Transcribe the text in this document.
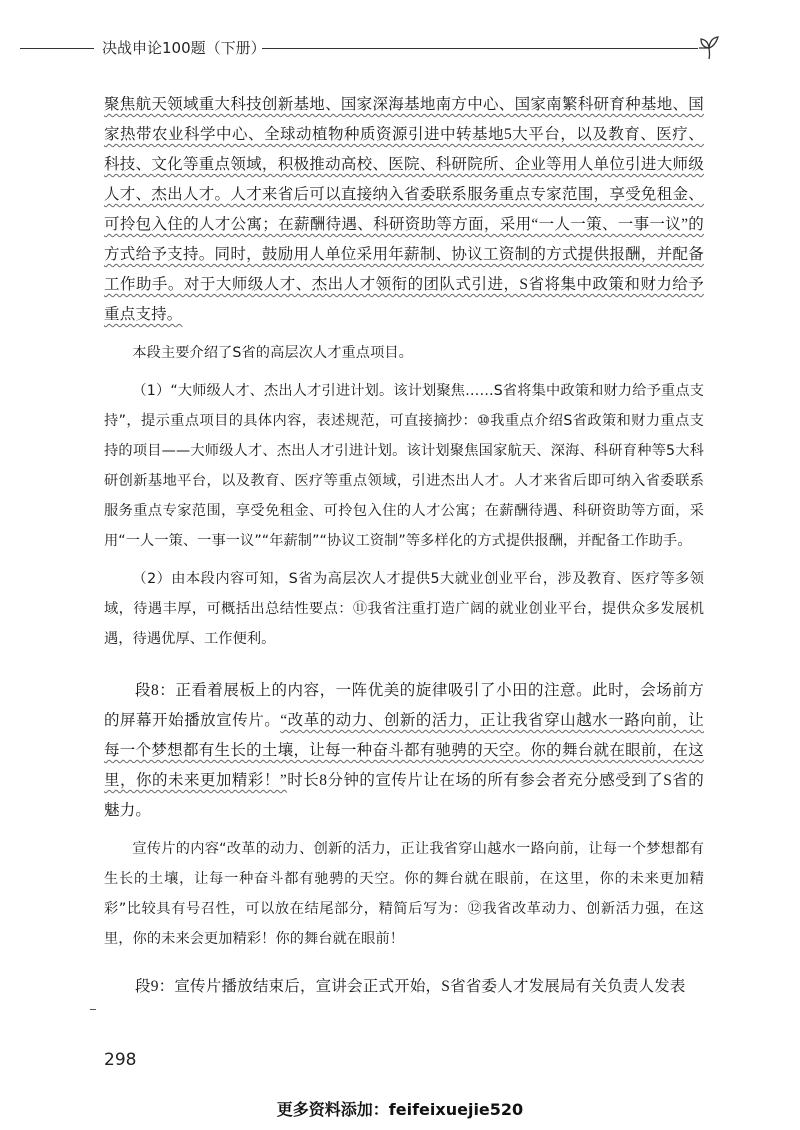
决战申论100题（下册）

聚焦航天领域重大科技创新基地、国家深海基地南方中心、国家南繁科研育种基地、国家热带农业科学中心、全球动植物种质资源引进中转基地5大平台，以及教育、医疗、科技、文化等重点领域，积极推动高校、医院、科研院所、企业等用人单位引进大师级人才、杰出人才。人才来省后可以直接纳入省委联系服务重点专家范围，享受免租金、可拎包入住的人才公寓；在薪酬待遇、科研资助等方面，采用“一人一策、一事一议”的方式给予支持。同时，鼓励用人单位采用年薪制、协议工资制的方式提供报酬，并配备工作助手。对于大师级人才、杰出人才领衔的团队式引进，S省将集中政策和财力给予重点支持。

本段主要介绍了S省的高层次人才重点项目。

（1）“大师级人才、杰出人才引进计划。该计划聚焦……S省将集中政策和财力给予重点支持”，提示重点项目的具体内容，表述规范，可直接摘抄：⑩我重点介绍S省政策和财力重点支持的项目——大师级人才、杰出人才引进计划。该计划聚焦国家航天、深海、科研育种等5大科研创新基地平台，以及教育、医疗等重点领域，引进杰出人才。人才来省后即可纳入省委联系服务重点专家范围，享受免租金、可拎包入住的人才公寓；在薪酬待遇、科研资助等方面，采用“一人一策、一事一议”“年薪制”“协议工资制”等多样化的方式提供报酬，并配备工作助手。

（2）由本段内容可知，S省为高层次人才提供5大就业创业平台，涉及教育、医疗等多领域，待遇丰厚，可概括出总结性要点：⑪我省注重打造广阔的就业创业平台，提供众多发展机遇，待遇优厚、工作便利。

段8：正看着展板上的内容，一阵优美的旋律吸引了小田的注意。此时，会场前方的屏幕开始播放宣传片。“改革的动力、创新的活力，正让我省穿山越水一路向前，让每一个梦想都有生长的土壤，让每一种奋斗都有驰骋的天空。你的舞台就在眼前，在这里，你的未来更加精彩！”时长8分钟的宣传片让在场的所有参会者充分感受到了S省的魅力。

宣传片的内容“改革的动力、创新的活力，正让我省穿山越水一路向前，让每一个梦想都有生长的土壤，让每一种奋斗都有驰骋的天空。你的舞台就在眼前，在这里，你的未来更加精彩”比较具有号召性，可以放在结尾部分，精简后写为：⑫我省改革动力、创新活力强，在这里，你的未来会更加精彩！你的舞台就在眼前！

段9：宣传片播放结束后，宣讲会正式开始，S省省委人才发展局有关负责人发表

298
更多资料添加：feifeixuejie520
